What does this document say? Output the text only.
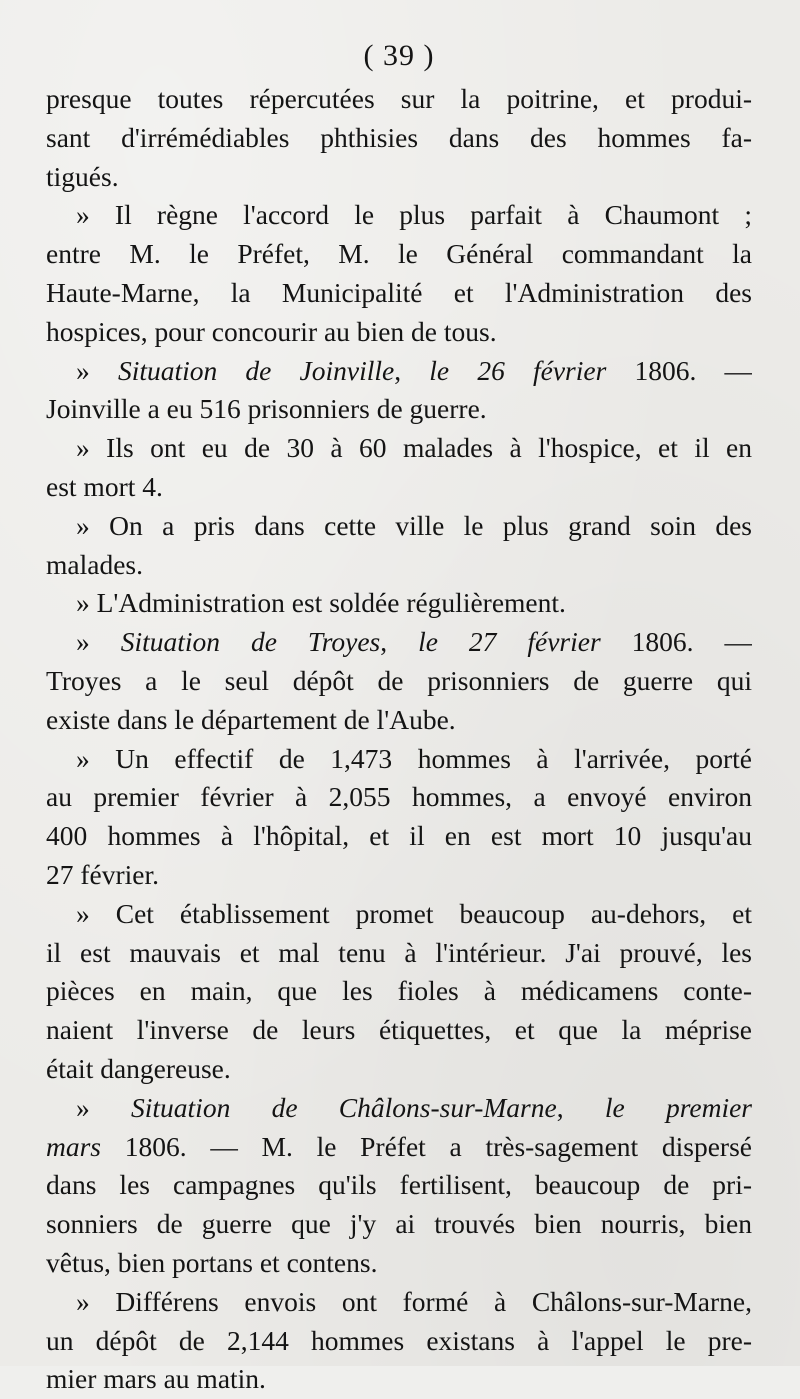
( 39 )
presque toutes répercutées sur la poitrine, et produi-
sant d'irrémédiables phthisies dans des hommes fa-
tigués.
» Il règne l'accord le plus parfait à Chaumont ;
entre M. le Préfet, M. le Général commandant la
Haute-Marne, la Municipalité et l'Administration des
hospices, pour concourir au bien de tous.
» Situation de Joinville, le 26 février 1806. —
Joinville a eu 516 prisonniers de guerre.
» Ils ont eu de 30 à 60 malades à l'hospice, et il en
est mort 4.
» On a pris dans cette ville le plus grand soin des
malades.
» L'Administration est soldée régulièrement.
» Situation de Troyes, le 27 février 1806. —
Troyes a le seul dépôt de prisonniers de guerre qui
existe dans le département de l'Aube.
» Un effectif de 1,473 hommes à l'arrivée, porté
au premier février à 2,055 hommes, a envoyé environ
400 hommes à l'hôpital, et il en est mort 10 jusqu'au
27 février.
» Cet établissement promet beaucoup au-dehors, et
il est mauvais et mal tenu à l'intérieur. J'ai prouvé, les
pièces en main, que les fioles à médicamens conte-
naient l'inverse de leurs étiquettes, et que la méprise
était dangereuse.
» Situation de Châlons-sur-Marne, le premier
mars 1806. — M. le Préfet a très-sagement dispersé
dans les campagnes qu'ils fertilisent, beaucoup de pri-
sonniers de guerre que j'y ai trouvés bien nourris, bien
vêtus, bien portans et contens.
» Différens envois ont formé à Châlons-sur-Marne,
un dépôt de 2,144 hommes existans à l'appel le pre-
mier mars au matin.
